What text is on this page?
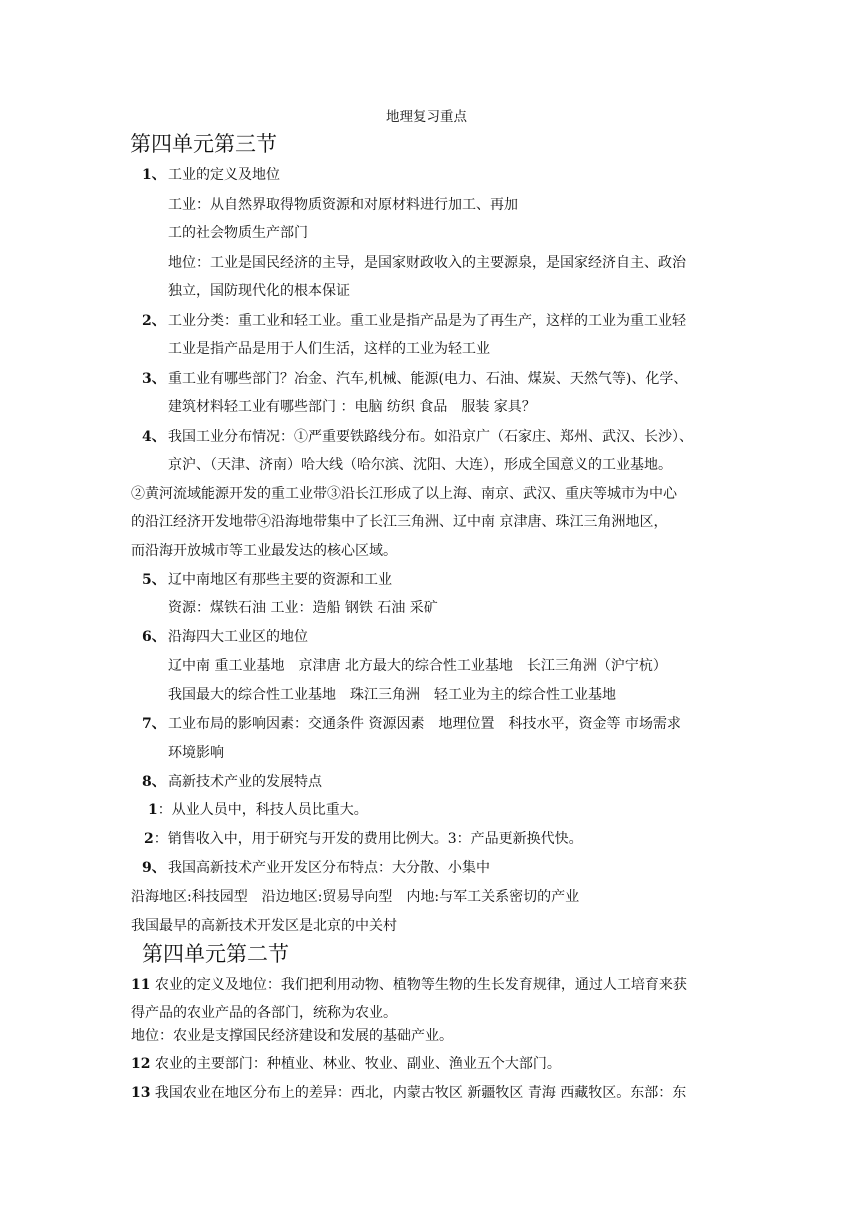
地理复习重点
第四单元第三节
1、 工业的定义及地位
工业：从自然界取得物质资源和对原材料进行加工、再加
工的社会物质生产部门
地位：工业是国民经济的主导，是国家财政收入的主要源泉，是国家经济自主、政治
独立，国防现代化的根本保证
2、 工业分类：重工业和轻工业。重工业是指产品是为了再生产，这样的工业为重工业轻
工业是指产品是用于人们生活，这样的工业为轻工业
3、 重工业有哪些部门？冶金、汽车,机械、能源(电力、石油、煤炭、天然气等)、化学、
建筑材料轻工业有哪些部门 ：电脑 纺织 食品　服装 家具？
4、 我国工业分布情况：①严重要铁路线分布。如沿京广（石家庄、郑州、武汉、长沙）、
京沪、（天津、济南）哈大线（哈尔滨、沈阳、大连），形成全国意义的工业基地。
②黄河流域能源开发的重工业带③沿长江形成了以上海、南京、武汉、重庆等城市为中心
的沿江经济开发地带④沿海地带集中了长江三角洲、辽中南 京津唐、珠江三角洲地区，
而沿海开放城市等工业最发达的核心区域。
5、 辽中南地区有那些主要的资源和工业
资源：煤铁石油 工业：造船 钢铁 石油 采矿
6、 沿海四大工业区的地位
辽中南 重工业基地　京津唐 北方最大的综合性工业基地　长江三角洲（沪宁杭）
我国最大的综合性工业基地　珠江三角洲　轻工业为主的综合性工业基地
7、 工业布局的影响因素：交通条件 资源因素　地理位置　科技水平，资金等 市场需求
环境影响
8、 高新技术产业的发展特点
1：从业人员中，科技人员比重大。
2：销售收入中，用于研究与开发的费用比例大。3：产品更新换代快。
9、 我国高新技术产业开发区分布特点：大分散、小集中
沿海地区:科技园型　沿边地区:贸易导向型　内地:与军工关系密切的产业
我国最早的高新技术开发区是北京的中关村
第四单元第二节
11 农业的定义及地位：我们把利用动物、植物等生物的生长发育规律，通过人工培育来获
得产品的农业产品的各部门，统称为农业。
地位：农业是支撑国民经济建设和发展的基础产业。
12 农业的主要部门：种植业、林业、牧业、副业、渔业五个大部门。
13 我国农业在地区分布上的差异：西北，内蒙古牧区 新疆牧区 青海 西藏牧区。东部：东
